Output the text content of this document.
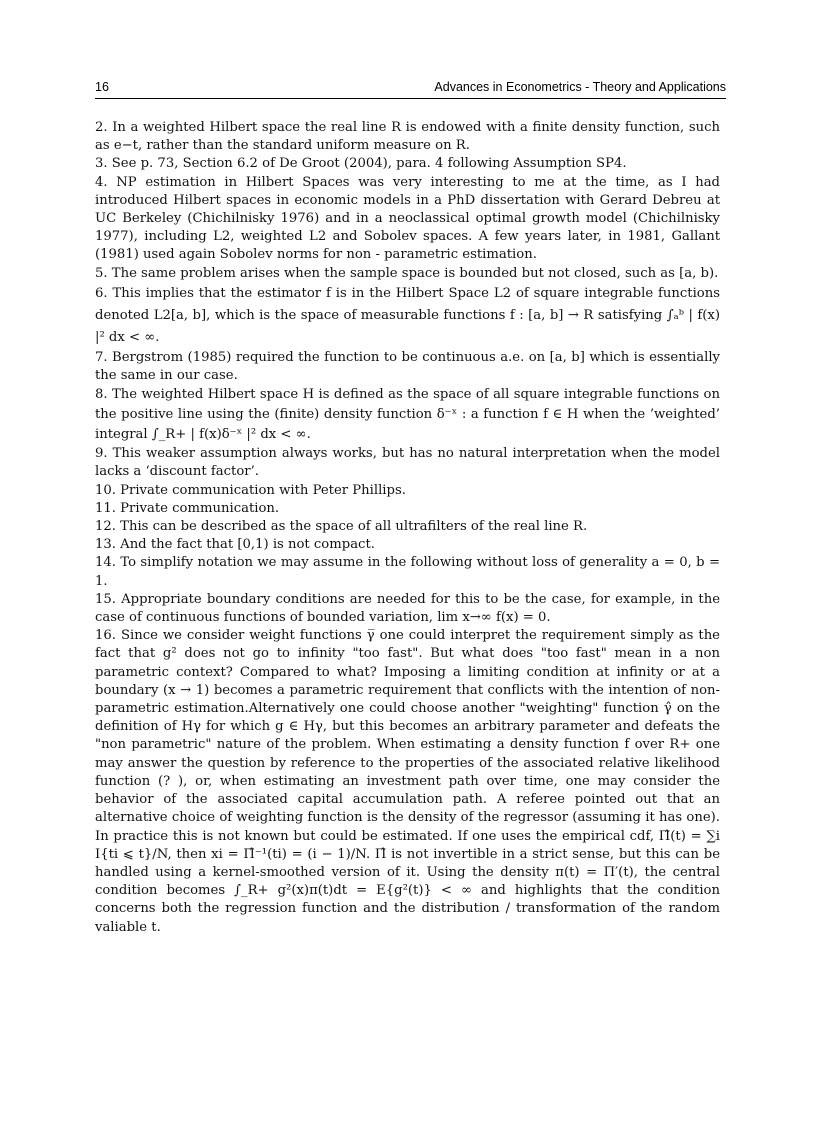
16	Advances in Econometrics - Theory and Applications

2. In a weighted Hilbert space the real line R is endowed with a finite density function, such as e−t, rather than the standard uniform measure on R.

3. See p. 73, Section 6.2 of De Groot (2004), para. 4 following Assumption SP4.

4. NP estimation in Hilbert Spaces was very interesting to me at the time, as I had introduced Hilbert spaces in economic models in a PhD dissertation with Gerard Debreu at UC Berkeley (Chichilnisky 1976) and in a neoclassical optimal growth model (Chichilnisky 1977), including L2, weighted L2 and Sobolev spaces. A few years later, in 1981, Gallant (1981) used again Sobolev norms for non - parametric estimation.

5. The same problem arises when the sample space is bounded but not closed, such as [a, b).

6. This implies that the estimator f is in the Hilbert Space L2 of square integrable functions denoted L2[a, b], which is the space of measurable functions f : [a, b] → R satisfying ∫ₐᵇ | f(x) |² dx < ∞.

7. Bergstrom (1985) required the function to be continuous a.e. on [a, b] which is essentially the same in our case.

8. The weighted Hilbert space H is defined as the space of all square integrable functions on the positive line using the (finite) density function δ⁻ˣ : a function f ∈ H when the ’weighted’ integral ∫_R+ | f(x)δ⁻ˣ |² dx < ∞.

9. This weaker assumption always works, but has no natural interpretation when the model lacks a ‘discount factor’.

10. Private communication with Peter Phillips.

11. Private communication.

12. This can be described as the space of all ultrafilters of the real line R.

13. And the fact that [0,1) is not compact.

14. To simplify notation we may assume in the following without loss of generality a = 0, b = 1.

15. Appropriate boundary conditions are needed for this to be the case, for example, in the case of continuous functions of bounded variation, lim x→∞ f(x) = 0.

16. Since we consider weight functions γ̅ one could interpret the requirement simply as the fact that g² does not go to infinity "too fast". But what does "too fast" mean in a non parametric context? Compared to what? Imposing a limiting condition at infinity or at a boundary (x → 1) becomes a parametric requirement that conflicts with the intention of non-parametric estimation.Alternatively one could choose another "weighting" function γ̂ on the definition of Hγ for which g ∈ Hγ, but this becomes an arbitrary parameter and defeats the "non parametric" nature of the problem. When estimating a density function f over R+ one may answer the question by reference to the properties of the associated relative likelihood function (? ), or, when estimating an investment path over time, one may consider the behavior of the associated capital accumulation path. A referee pointed out that an alternative choice of weighting function is the density of the regressor (assuming it has one). In practice this is not known but could be estimated. If one uses the empirical cdf, Π̂(t) = ∑i I{ti ⩽ t}/N, then xi = Π̂⁻¹(ti) = (i − 1)/N. Π̂ is not invertible in a strict sense, but this can be handled using a kernel-smoothed version of it. Using the density π(t) = Π′(t), the central condition becomes ∫_R+ g²(x)π(t)dt = E{g²(t)} < ∞ and highlights that the condition concerns both the regression function and the distribution / transformation of the random valiable t.
